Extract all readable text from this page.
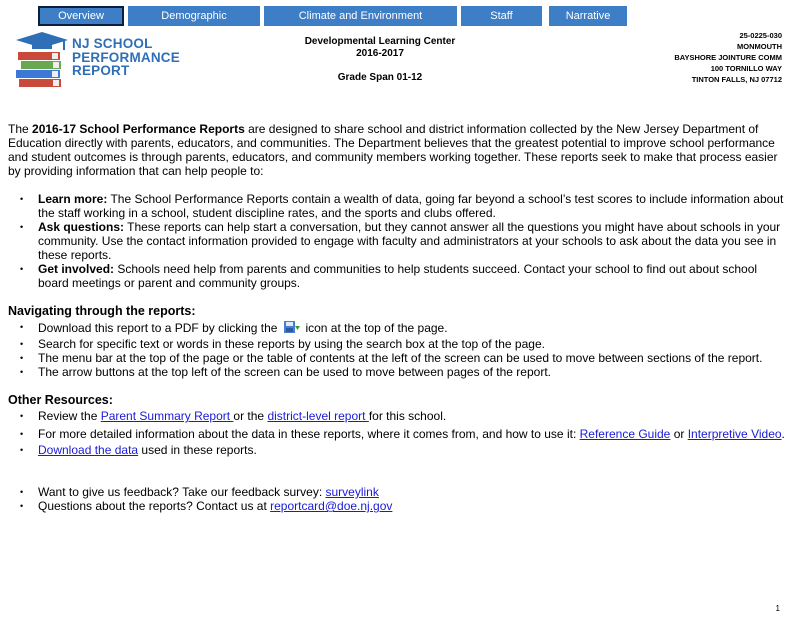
Overview	Demographic	Climate and Environment	Staff	Narrative
NJ SCHOOL
PERFORMANCE
REPORT
Developmental Learning Center
2016-2017
Grade Span 01-12
25-0225-030
MONMOUTH
BAYSHORE JOINTURE COMM
100 TORNILLO WAY
TINTON FALLS, NJ 07712

The 2016-17 School Performance Reports are designed to share school and district information collected by the New Jersey Department of Education directly with parents, educators, and communities. The Department believes that the greatest potential to improve school performance and student outcomes is through parents, educators, and community members working together. These reports seek to make that process easier by providing information that can help people to:

• Learn more: The School Performance Reports contain a wealth of data, going far beyond a school’s test scores to include information about the staff working in a school, student discipline rates, and the sports and clubs offered.
• Ask questions: These reports can help start a conversation, but they cannot answer all the questions you might have about schools in your community. Use the contact information provided to engage with faculty and administrators at your schools to ask about the data you see in these reports.
• Get involved: Schools need help from parents and communities to help students succeed. Contact your school to find out about school board meetings or parent and community groups.
Navigating through the reports:
• Download this report to a PDF by clicking the icon at the top of the page.
• Search for specific text or words in these reports by using the search box at the top of the page.
• The menu bar at the top of the page or the table of contents at the left of the screen can be used to move between sections of the report.
• The arrow buttons at the top left of the screen can be used to move between pages of the report.
Other Resources:
• Review the Parent Summary Report or the district-level report for this school.
• For more detailed information about the data in these reports, where it comes from, and how to use it: Reference Guide or Interpretive Video.
• Download the data used in these reports.
• Want to give us feedback? Take our feedback survey: surveylink
• Questions about the reports? Contact us at reportcard@doe.nj.gov
1
